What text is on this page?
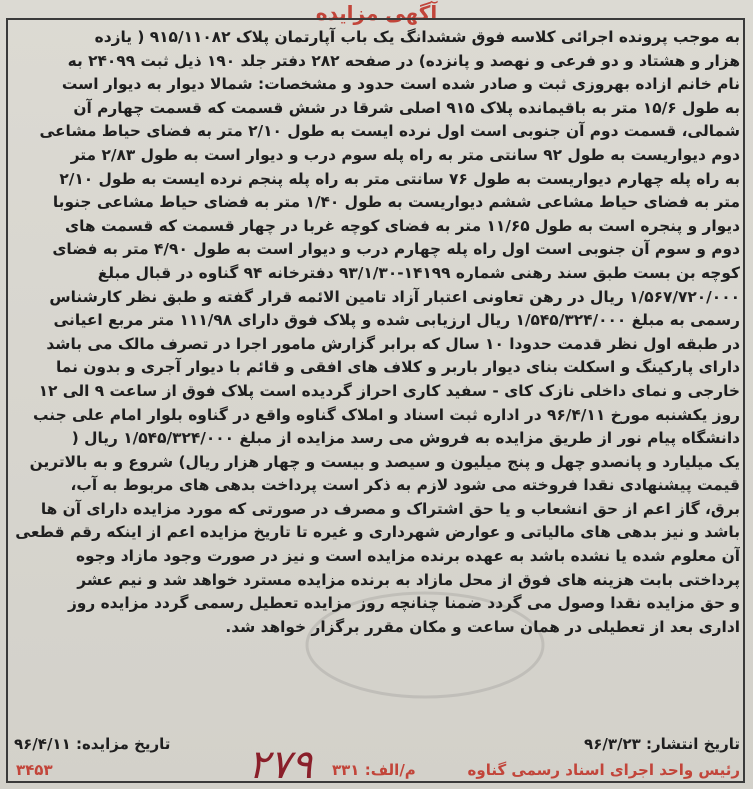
آگهی مزایده
به موجب پرونده اجرائی کلاسه فوق ششدانگ یک باب آپارتمان پلاک ۹۱۵/۱۱۰۸۲ ( یازده
هزار و هشتاد و دو فرعی و نهصد و پانزده) در صفحه ۲۸۲ دفتر جلد ۱۹۰ ذیل ثبت ۲۴۰۹۹ به
نام خانم ازاده بهروزی ثبت و صادر شده است حدود و مشخصات: شمالا دیوار به دیوار است
به طول ۱۵/۶ متر به باقیمانده پلاک ۹۱۵ اصلی شرقا در شش قسمت که قسمت چهارم آن
شمالی، قسمت دوم آن جنوبی است اول نرده ایست به طول ۲/۱۰ متر به فضای حیاط مشاعی
دوم دیواریست به طول ۹۲ سانتی متر به راه پله سوم درب و دیوار است به طول ۲/۸۳ متر
به راه پله چهارم دیواریست به طول ۷۶ سانتی متر به راه پله پنجم نرده ایست به طول ۲/۱۰
متر به فضای حیاط مشاعی ششم دیواریست به طول ۱/۴۰ متر به فضای حیاط مشاعی جنوبا
دیوار و پنجره است به طول ۱۱/۶۵ متر به فضای کوچه غربا در چهار قسمت که قسمت های
دوم و سوم آن جنوبی است اول راه پله چهارم درب و دیوار است به طول ۴/۹۰ متر به فضای
کوچه بن بست طبق سند رهنی شماره ۱۴۱۹۹-۹۳/۱/۳۰ دفترخانه ۹۴ گناوه در قبال مبلغ
۱/۵۶۷/۷۲۰/۰۰۰ ریال در رهن تعاونی اعتبار آزاد تامین الائمه قرار گفته و طبق نظر کارشناس
رسمی به مبلغ ۱/۵۴۵/۳۲۴/۰۰۰ ریال ارزیابی شده و پلاک فوق دارای ۱۱۱/۹۸ متر مربع اعیانی
در طبقه اول نظر قدمت حدودا ۱۰ سال که برابر گزارش مامور اجرا در تصرف مالک می باشد
دارای پارکینگ و اسکلت بنای دیوار باربر و کلاف های افقی و قائم با دیوار آجری و بدون نما
خارجی و نمای داخلی نازک کای - سفید کاری احراز گردیده است پلاک فوق از ساعت ۹ الی ۱۲
روز یکشنبه مورخ ۹۶/۴/۱۱ در اداره ثبت اسناد و املاک گناوه واقع در گناوه بلوار امام علی جنب
دانشگاه پیام نور از طریق مزایده به فروش می رسد مزایده از مبلغ ۱/۵۴۵/۳۲۴/۰۰۰ ریال (
یک میلیارد و پانصدو چهل و پنج میلیون و سیصد و بیست و چهار هزار ریال) شروع و به بالاترین
قیمت پیشنهادی نقدا فروخته می شود لازم به ذکر است پرداخت بدهی های مربوط به آب،
برق، گاز اعم از حق انشعاب و یا حق اشتراک و مصرف در صورتی که مورد مزایده دارای آن ها
باشد و نیز بدهی های مالیاتی و عوارض شهرداری و غیره تا تاریخ مزایده اعم از اینکه رقم قطعی
آن معلوم شده یا نشده باشد به عهده برنده مزایده است و نیز در صورت وجود مازاد وجوه
پرداختی بابت هزینه های فوق از محل مازاد به برنده مزایده مسترد خواهد شد و نیم عشر
و حق مزایده نقدا وصول می گردد ضمنا چنانچه روز مزایده تعطیل رسمی گردد مزایده روز
اداری بعد از تعطیلی در همان ساعت و مکان مقرر برگزار خواهد شد.
تاریخ انتشار: ۹۶/۳/۲۳
تاریخ مزایده: ۹۶/۴/۱۱
رئیس واحد اجرای اسناد رسمی گناوه
م/الف: ۳۳۱
۳۴۵۳	۲۷۹
